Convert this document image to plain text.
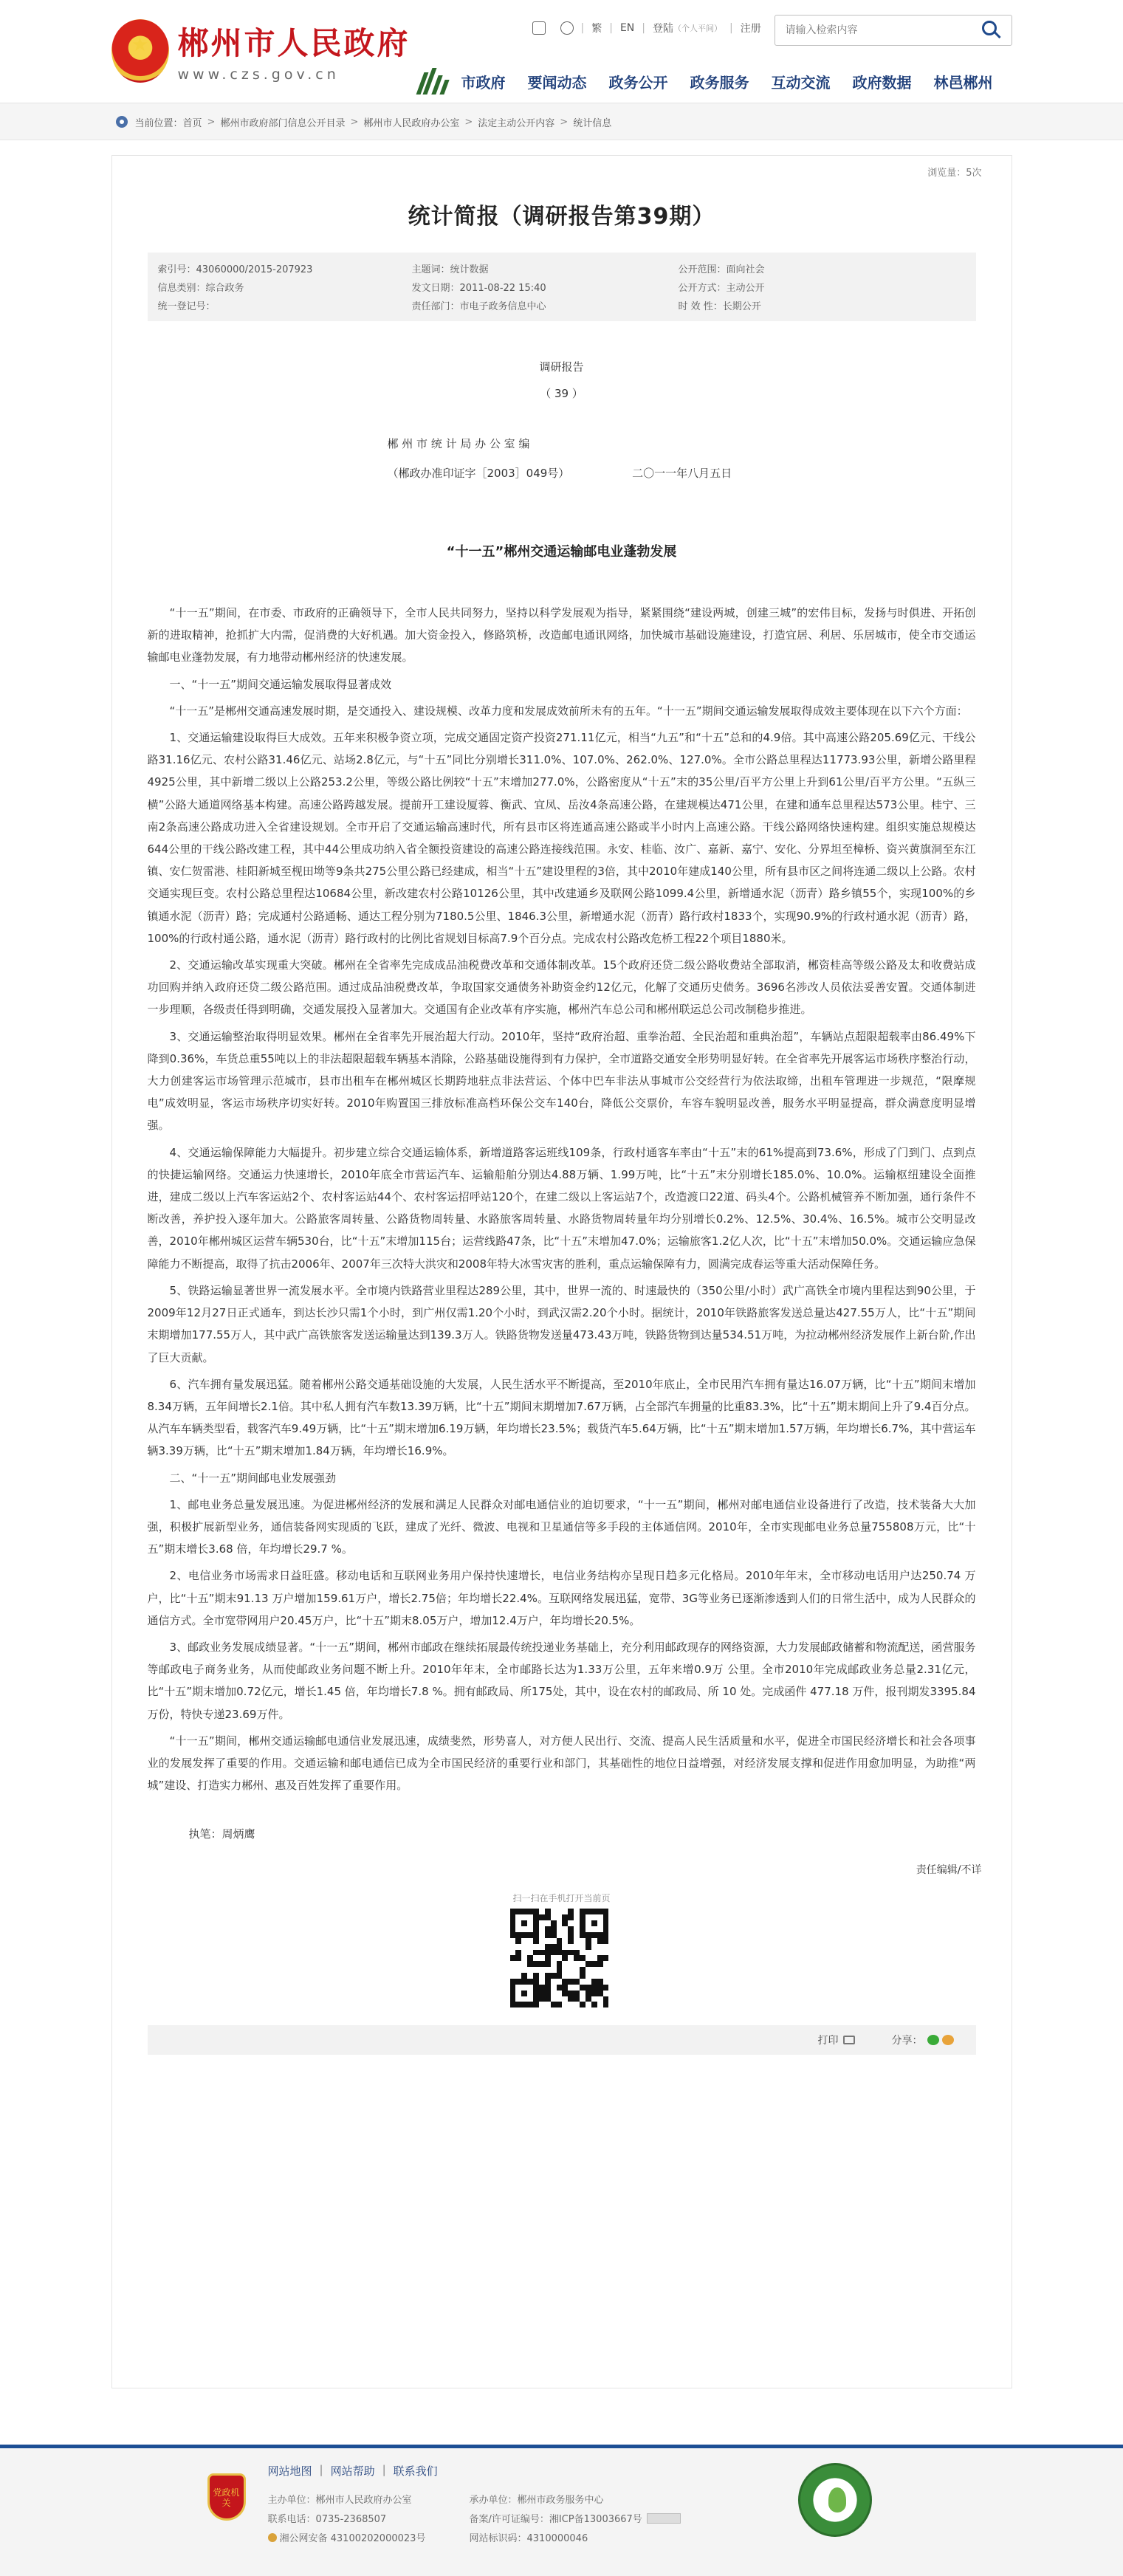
★ 郴州市人民政府
www.czs.gov.cn
| 繁 | EN | 登陆 （个人平间） | 注册
请输入检索内容
市政府 要闻动态 政务公开 政务服务 互动交流 政府数据 林邑郴州
当前位置： 首页 > 郴州市政府部门信息公开目录 > 郴州市人民政府办公室 > 法定主动公开内容 > 统计信息
浏览量：5次
统计简报（调研报告第39期）
索引号：43060000/2015-207923	主题词：统计数据	公开范围：面向社会
信息类别：综合政务	发文日期：2011-08-22 15:40	公开方式：主动公开
统一登记号：	责任部门：市电子政务信息中心	时 效 性：长期公开
调研报告
（ 39 ）
郴 州 市 统 计 局 办 公 室 编
（郴政办准印证字［2003］049号）	二〇一一年八月五日
“十一五”郴州交通运输邮电业蓬勃发展

“十一五”期间，在市委、市政府的正确领导下，全市人民共同努力，坚持以科学发展观为指导，紧紧围绕“建设两城，创建三城”的宏伟目标，发扬与时俱进、开拓创新的进取精神，抢抓扩大内需，促消费的大好机遇。加大资金投入，修路筑桥，改造邮电通讯网络，加快城市基础设施建设，打造宜居、利居、乐居城市，使全市交通运输邮电业蓬勃发展，有力地带动郴州经济的快速发展。

一、“十一五”期间交通运输发展取得显著成效

“十一五”是郴州交通高速发展时期，是交通投入、建设规模、改革力度和发展成效前所未有的五年。“十一五”期间交通运输发展取得成效主要体现在以下六个方面：

1、交通运输建设取得巨大成效。五年来积极争资立项，完成交通固定资产投资271.11亿元，相当“九五”和“十五”总和的4.9倍。其中高速公路205.69亿元、干线公路31.16亿元、农村公路31.46亿元、站场2.8亿元，与“十五”同比分别增长311.0%、107.0%、262.0%、127.0%。全市公路总里程达11773.93公里，新增公路里程4925公里，其中新增二级以上公路253.2公里，等级公路比例较“十五”末增加277.0%，公路密度从“十五”末的35公里/百平方公里上升到61公里/百平方公里。“五纵三横”公路大通道网络基本构建。高速公路跨越发展。提前开工建设厦蓉、衡武、宜凤、岳汝4条高速公路，在建规模达471公里，在建和通车总里程达573公里。桂宁、三南2条高速公路成功进入全省建设规划。全市开启了交通运输高速时代，所有县市区将连通高速公路或半小时内上高速公路。干线公路网络快速构建。组织实施总规模达644公里的干线公路改建工程，其中44公里成功纳入省全额投资建设的高速公路连接线范围。永安、桂临、汝广、嘉新、嘉宁、安化、分界坦至樟桥、资兴黄旗洞至东江镇、安仁贺雷港、桂阳新城至枧田坳等9条共275公里公路已经建成，相当“十五”建设里程的3倍，其中2010年建成140公里，所有县市区之间将连通二级以上公路。农村交通实现巨变。农村公路总里程达10684公里，新改建农村公路10126公里，其中改建通乡及联网公路1099.4公里，新增通水泥（沥青）路乡镇55个，实现100%的乡镇通水泥（沥青）路；完成通村公路通畅、通达工程分别为7180.5公里、1846.3公里，新增通水泥（沥青）路行政村1833个，实现90.9%的行政村通水泥（沥青）路，100%的行政村通公路，通水泥（沥青）路行政村的比例比省规划目标高7.9个百分点。完成农村公路改危桥工程22个项目1880米。

2、交通运输改革实现重大突破。郴州在全省率先完成成品油税费改革和交通体制改革。15个政府还贷二级公路收费站全部取消，郴资桂高等级公路及太和收费站成功回购并纳入政府还贷二级公路范围。通过成品油税费改革，争取国家交通债务补助资金约12亿元，化解了交通历史债务。3696名涉改人员依法妥善安置。交通体制进一步理顺，各级责任得到明确，交通发展投入显著加大。交通国有企业改革有序实施，郴州汽车总公司和郴州联运总公司改制稳步推进。

3、交通运输整治取得明显效果。郴州在全省率先开展治超大行动。2010年，坚持“政府治超、重拳治超、全民治超和重典治超”，车辆站点超限超载率由86.49%下降到0.36%，车货总重55吨以上的非法超限超载车辆基本消除，公路基础设施得到有力保护，全市道路交通安全形势明显好转。在全省率先开展客运市场秩序整治行动，大力创建客运市场管理示范城市，县市出租车在郴州城区长期跨地驻点非法营运、个体中巴车非法从事城市公交经营行为依法取缔，出租车管理进一步规范，“限摩规电”成效明显，客运市场秩序切实好转。2010年购置国三排放标准高档环保公交车140台，降低公交票价，车容车貌明显改善，服务水平明显提高，群众满意度明显增强。

4、交通运输保障能力大幅提升。初步建立综合交通运输体系，新增道路客运班线109条，行政村通客车率由“十五”末的61%提高到73.6%，形成了门到门、点到点的快捷运输网络。交通运力快速增长，2010年底全市营运汽车、运输船舶分别达4.88万辆、1.99万吨，比“十五”末分别增长185.0%、10.0%。运输枢纽建设全面推进，建成二级以上汽车客运站2个、农村客运站44个、农村客运招呼站120个，在建二级以上客运站7个，改造渡口22道、码头4个。公路机械管养不断加强，通行条件不断改善，养护投入逐年加大。公路旅客周转量、公路货物周转量、水路旅客周转量、水路货物周转量年均分别增长0.2%、12.5%、30.4%、16.5%。城市公交明显改善，2010年郴州城区运营车辆530台，比“十五”末增加115台；运营线路47条，比“十五”末增加47.0%；运输旅客1.2亿人次，比“十五”末增加50.0%。交通运输应急保障能力不断提高，取得了抗击2006年、2007年三次特大洪灾和2008年特大冰雪灾害的胜利，重点运输保障有力，圆满完成春运等重大活动保障任务。

5、铁路运输显著世界一流发展水平。全市境内铁路营业里程达289公里，其中，世界一流的、时速最快的（350公里/小时）武广高铁全市境内里程达到90公里，于2009年12月27日正式通车，到达长沙只需1个小时，到广州仅需1.20个小时，到武汉需2.20个小时。据统计，2010年铁路旅客发送总量达427.55万人，比“十五”期间末期增加177.55万人，其中武广高铁旅客发送运输量达到139.3万人。铁路货物发送量473.43万吨，铁路货物到达量534.51万吨，为拉动郴州经济发展作上新台阶,作出了巨大贡献。

6、汽车拥有量发展迅猛。随着郴州公路交通基础设施的大发展，人民生活水平不断提高，至2010年底止，全市民用汽车拥有量达16.07万辆，比“十五”期间末增加8.34万辆，五年间增长2.1倍。其中私人拥有汽车数13.39万辆，比“十五”期间末期增加7.67万辆，占全部汽车拥量的比重83.3%，比“十五”期末期间上升了9.4百分点。从汽车车辆类型看，载客汽车9.49万辆，比“十五”期末增加6.19万辆，年均增长23.5%；载货汽车5.64万辆，比“十五”期末增加1.57万辆，年均增长6.7%，其中营运车辆3.39万辆，比“十五”期末增加1.84万辆，年均增长16.9%。

二、“十一五”期间邮电业发展强劲

1、邮电业务总量发展迅速。为促进郴州经济的发展和满足人民群众对邮电通信业的迫切要求，“十一五”期间，郴州对邮电通信业设备进行了改造，技术装备大大加强，积极扩展新型业务，通信装备网实现质的飞跃，建成了光纤、微波、电视和卫星通信等多手段的主体通信网。2010年，全市实现邮电业务总量755808万元，比“十五”期末增长3.68 倍，年均增长29.7 %。

2、电信业务市场需求日益旺盛。移动电话和互联网业务用户保持快速增长，电信业务结构亦呈现日趋多元化格局。2010年年末，全市移动电话用户达250.74 万户，比“十五”期末91.13 万户增加159.61万户，增长2.75倍；年均增长22.4%。互联网络发展迅猛，宽带、3G等业务已逐渐渗透到人们的日常生活中，成为人民群众的通信方式。全市宽带网用户20.45万户，比“十五”期末8.05万户，增加12.4万户，年均增长20.5%。

3、邮政业务发展成绩显著。“十一五”期间，郴州市邮政在继续拓展最传统投递业务基础上，充分利用邮政现存的网络资源，大力发展邮政储蓄和物流配送，函营服务等邮政电子商务业务，从而使邮政业务问题不断上升。2010年年末，全市邮路长达为1.33万公里，五年来增0.9万 公里。全市2010年完成邮政业务总量2.31亿元，比“十五”期末增加0.72亿元，增长1.45 倍，年均增长7.8 %。拥有邮政局、所175处，其中，设在农村的邮政局、所 10 处。完成函件 477.18 万件，报刊期发3395.84万份，特快专递23.69万件。

“十一五”期间，郴州交通运输邮电通信业发展迅速，成绩斐然，形势喜人，对方便人民出行、交流、提高人民生活质量和水平，促进全市国民经济增长和社会各项事业的发展发挥了重要的作用。交通运输和邮电通信已成为全市国民经济的重要行业和部门，其基础性的地位日益增强，对经济发展支撑和促进作用愈加明显，为助推“两城”建设、打造实力郴州、惠及百姓发挥了重要作用。

执笔：周炳鹰
责任编辑/不详
扫一扫在手机打开当前页
打印	分享：
党政机关
网站地图 | 网站帮助 | 联系我们
主办单位：郴州市人民政府办公室
联系电话：0735-2368507
湘公网安备 43100202000023号
承办单位：郴州市政务服务中心
备案/许可证编号：湘ICP备13003667号
网站标识码：4310000046
